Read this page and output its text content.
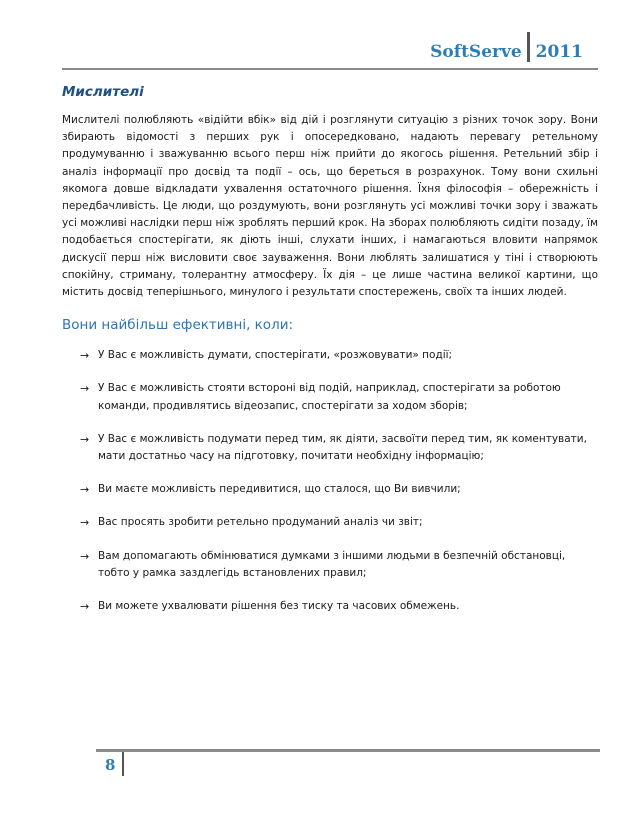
SoftServe 2011
Мислителі

Мислителі полюбляють «відійти вбік» від дій і розглянути ситуацію з різних точок зору. Вони збирають відомості з перших рук і опосередковано, надають перевагу ретельному продумуванню і зважуванню всього перш ніж прийти до якогось рішення. Ретельний збір і аналіз інформації про досвід та події – ось, що береться в розрахунок. Тому вони схильні якомога довше відкладати ухвалення остаточного рішення. Їхня філософія – обережність і передбачливість. Це люди, що роздумують, вони розглянуть усі можливі точки зору і зважать усі можливі наслідки перш ніж зроблять перший крок. На зборах полюбляють сидіти позаду, їм подобається спостерігати, як діють інші, слухати інших, і намагаються вловити напрямок дискусії перш ніж висловити своє зауваження. Вони люблять залишатися у тіні і створюють спокійну, стриману, толерантну атмосферу. Їх дія – це лише частина великої картини, що містить досвід теперішнього, минулого і результати спостережень, своїх та інших людей.

Вони найбільш ефективні, коли:
→ У Вас є можливість думати, спостерігати, «розжовувати» події;
→ У Вас є можливість стояти всторонi від подій, наприклад, спостерігати за роботою команди, продивлятись відеозапис, спостерігати за ходом зборів;
→ У Вас є можливість подумати перед тим, як діяти, засвоїти перед тим, як коментувати, мати достатньо часу на підготовку, почитати необхідну інформацію;
→ Ви маєте можливість передивитися, що сталося, що Ви вивчили;
→ Вас просять зробити ретельно продуманий аналіз чи звіт;
→ Вам допомагають обмінюватися думками з іншими людьми в безпечній обстановці, тобто у рамка заздлегідь встановлених правил;
→ Ви можете ухвалювати рішення без тиску та часових обмежень.
8
